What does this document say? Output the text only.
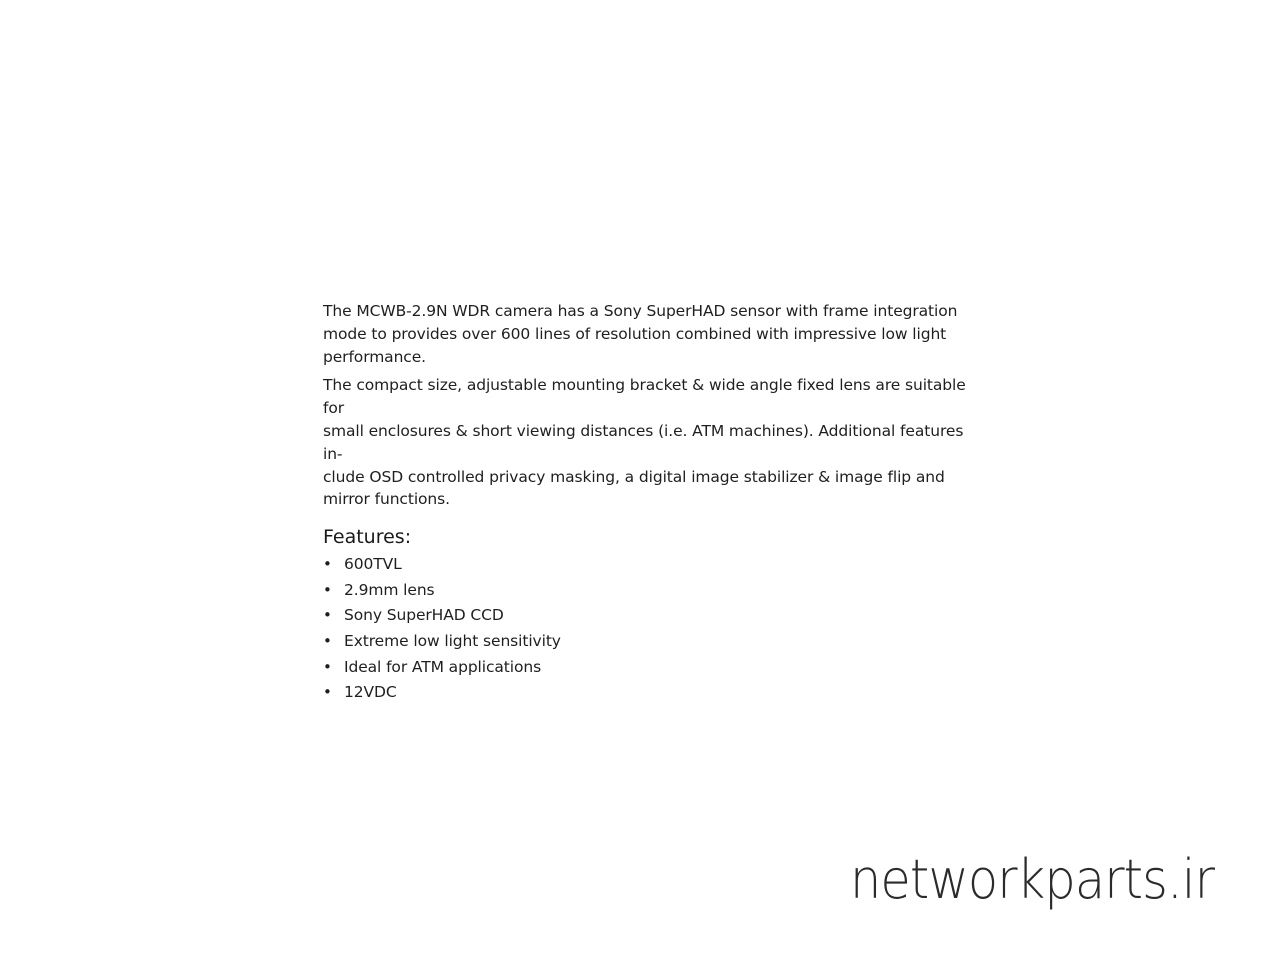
The MCWB-2.9N WDR camera has a Sony SuperHAD sensor with frame integration
mode to provides over 600 lines of resolution combined with impressive low light
performance.

The compact size, adjustable mounting bracket & wide angle fixed lens are suitable for
small enclosures & short viewing distances (i.e. ATM machines). Additional features in-
clude OSD controlled privacy masking, a digital image stabilizer & image flip and
mirror functions.

Features:
• 600TVL
• 2.9mm lens
• Sony SuperHAD CCD
• Extreme low light sensitivity
• Ideal for ATM applications
• 12VDC
networkparts.ir
